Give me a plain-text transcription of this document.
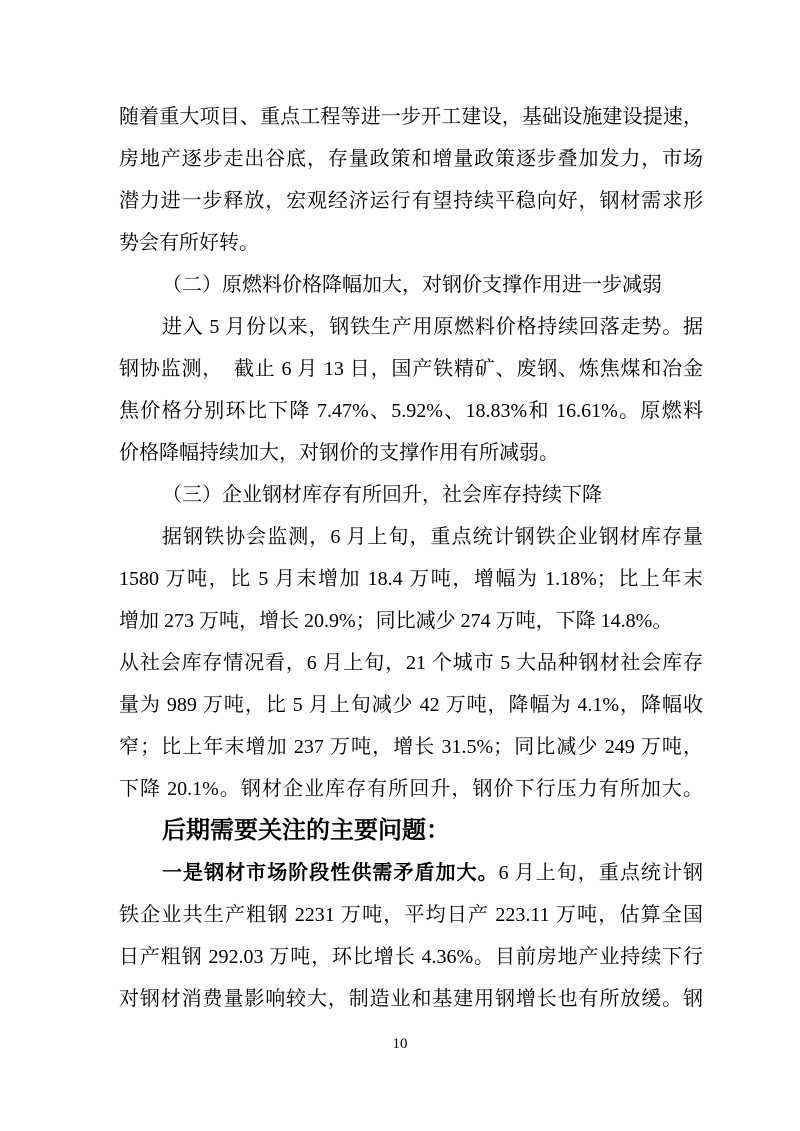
随着重大项目、重点工程等进一步开工建设，基础设施建设提速，
房地产逐步走出谷底，存量政策和增量政策逐步叠加发力，市场
潜力进一步释放，宏观经济运行有望持续平稳向好，钢材需求形
势会有所好转。
（二）原燃料价格降幅加大，对钢价支撑作用进一步减弱
进入 5 月份以来，钢铁生产用原燃料价格持续回落走势。据
钢协监测，　截止 6 月 13 日，国产铁精矿、废钢、炼焦煤和冶金
焦价格分别环比下降 7.47%、5.92%、18.83%和 16.61%。原燃料
价格降幅持续加大，对钢价的支撑作用有所减弱。
（三）企业钢材库存有所回升，社会库存持续下降
据钢铁协会监测，6 月上旬，重点统计钢铁企业钢材库存量
1580 万吨，比 5 月末增加 18.4 万吨，增幅为 1.18%；比上年末
增加 273 万吨，增长 20.9%；同比减少 274 万吨，下降 14.8%。
从社会库存情况看，6 月上旬，21 个城市 5 大品种钢材社会库存
量为 989 万吨，比 5 月上旬减少 42 万吨，降幅为 4.1%，降幅收
窄；比上年末增加 237 万吨，增长 31.5%；同比减少 249 万吨，
下降 20.1%。钢材企业库存有所回升，钢价下行压力有所加大。
后期需要关注的主要问题：
一是钢材市场阶段性供需矛盾加大。6 月上旬，重点统计钢
铁企业共生产粗钢 2231 万吨，平均日产 223.11 万吨，估算全国
日产粗钢 292.03 万吨，环比增长 4.36%。目前房地产业持续下行
对钢材消费量影响较大，制造业和基建用钢增长也有所放缓。钢
10
